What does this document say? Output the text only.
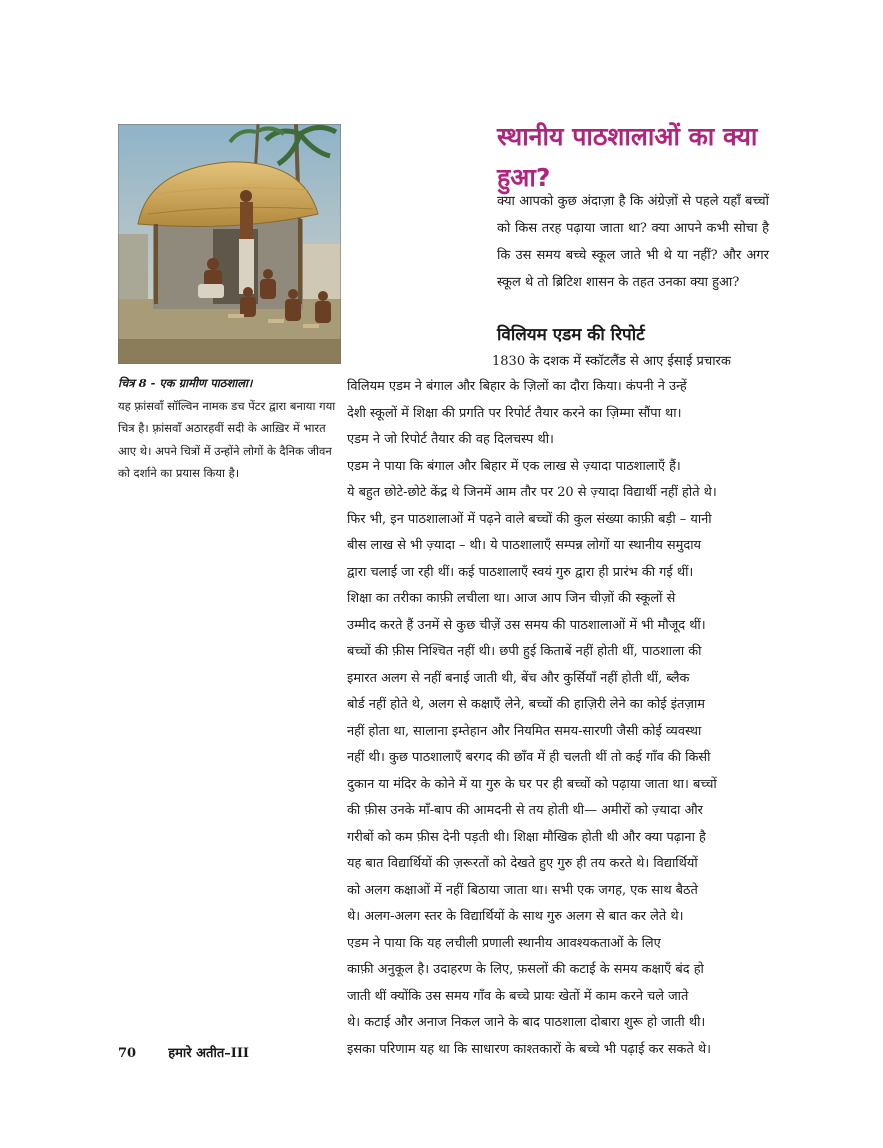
चित्र 8 - एक ग्रामीण पाठशाला।
यह फ़्रांसवाँ सॉल्विन नामक डच पेंटर द्वारा बनाया गया चित्र है। फ़्रांसवाँ अठारहवीं सदी के आख़िर में भारत आए थे। अपने चित्रों में उन्होंने लोगों के दैनिक जीवन को दर्शाने का प्रयास किया है।
स्थानीय पाठशालाओं का क्या हुआ?
क्या आपको कुछ अंदाज़ा है कि अंग्रेज़ों से पहले यहाँ बच्चों को किस तरह पढ़ाया जाता था? क्या आपने कभी सोचा है कि उस समय बच्चे स्कूल जाते भी थे या नहीं? और अगर स्कूल थे तो ब्रिटिश शासन के तहत उनका क्या हुआ?
विलियम एडम की रिपोर्ट
1830 के दशक में स्कॉटलैंड से आए ईसाई प्रचारक
विलियम एडम ने बंगाल और बिहार के ज़िलों का दौरा किया। कंपनी ने उन्हें
देशी स्कूलों में शिक्षा की प्रगति पर रिपोर्ट तैयार करने का ज़िम्मा सौंपा था।
एडम ने जो रिपोर्ट तैयार की वह दिलचस्प थी।
एडम ने पाया कि बंगाल और बिहार में एक लाख से ज़्यादा पाठशालाएँ हैं।
ये बहुत छोटे-छोटे केंद्र थे जिनमें आम तौर पर 20 से ज़्यादा विद्यार्थी नहीं होते थे।
फिर भी, इन पाठशालाओं में पढ़ने वाले बच्चों की कुल संख्या काफ़ी बड़ी – यानी
बीस लाख से भी ज़्यादा – थी। ये पाठशालाएँ सम्पन्न लोगों या स्थानीय समुदाय
द्वारा चलाई जा रही थीं। कई पाठशालाएँ स्वयं गुरु द्वारा ही प्रारंभ की गई थीं।
शिक्षा का तरीका काफ़ी लचीला था। आज आप जिन चीज़ों की स्कूलों से
उम्मीद करते हैं उनमें से कुछ चीज़ें उस समय की पाठशालाओं में भी मौजूद थीं।
बच्चों की फ़ीस निश्चित नहीं थी। छपी हुई किताबें नहीं होती थीं, पाठशाला की
इमारत अलग से नहीं बनाई जाती थी, बेंच और कुर्सियाँ नहीं होती थीं, ब्लैक
बोर्ड नहीं होते थे, अलग से कक्षाएँ लेने, बच्चों की हाज़िरी लेने का कोई इंतज़ाम
नहीं होता था, सालाना इम्तेहान और नियमित समय-सारणी जैसी कोई व्यवस्था
नहीं थी। कुछ पाठशालाएँ बरगद की छाँव में ही चलती थीं तो कई गाँव की किसी
दुकान या मंदिर के कोने में या गुरु के घर पर ही बच्चों को पढ़ाया जाता था। बच्चों
की फ़ीस उनके माँ-बाप की आमदनी से तय होती थी— अमीरों को ज़्यादा और
गरीबों को कम फ़ीस देनी पड़ती थी। शिक्षा मौखिक होती थी और क्या पढ़ाना है
यह बात विद्यार्थियों की ज़रूरतों को देखते हुए गुरु ही तय करते थे। विद्यार्थियों
को अलग कक्षाओं में नहीं बिठाया जाता था। सभी एक जगह, एक साथ बैठते
थे। अलग-अलग स्तर के विद्यार्थियों के साथ गुरु अलग से बात कर लेते थे।
एडम ने पाया कि यह लचीली प्रणाली स्थानीय आवश्यकताओं के लिए
काफ़ी अनुकूल है। उदाहरण के लिए, फ़सलों की कटाई के समय कक्षाएँ बंद हो
जाती थीं क्योंकि उस समय गाँव के बच्चे प्रायः खेतों में काम करने चले जाते
थे। कटाई और अनाज निकल जाने के बाद पाठशाला दोबारा शुरू हो जाती थी।
इसका परिणाम यह था कि साधारण काश्तकारों के बच्चे भी पढ़ाई कर सकते थे।
70 हमारे अतीत–III
